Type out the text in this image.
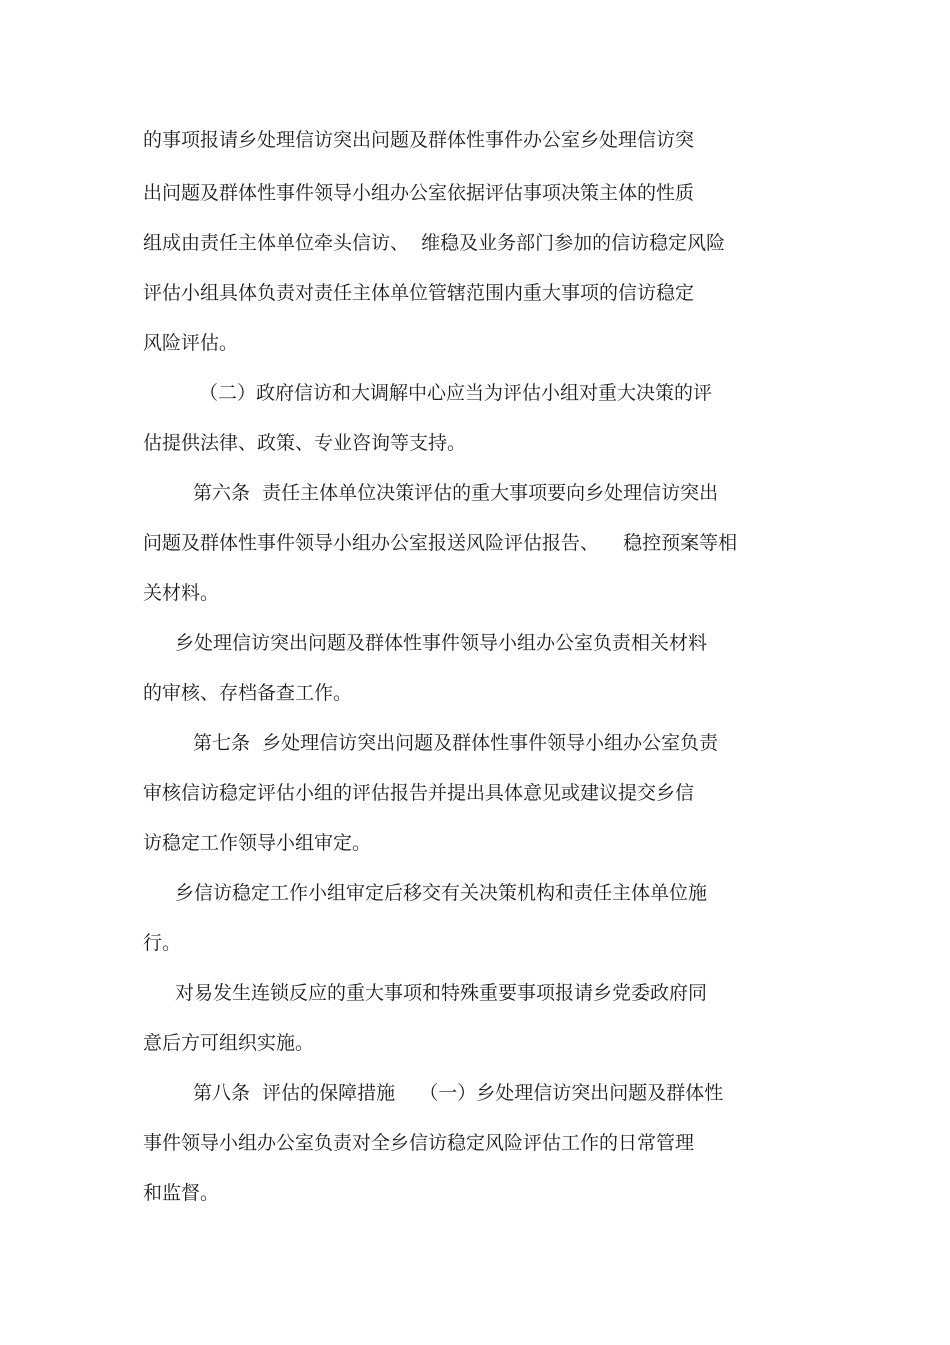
的事项报请乡处理信访突出问题及群体性事件办公室乡处理信访突
出问题及群体性事件领导小组办公室依据评估事项决策主体的性质
组成由责任主体单位牵头信访、  维稳及业务部门参加的信访稳定风险
评估小组具体负责对责任主体单位管辖范围内重大事项的信访稳定
风险评估。
（二）政府信访和大调解中心应当为评估小组对重大决策的评
估提供法律、政策、专业咨询等支持。
第六条  责任主体单位决策评估的重大事项要向乡处理信访突出
问题及群体性事件领导小组办公室报送风险评估报告、    稳控预案等相
关材料。
乡处理信访突出问题及群体性事件领导小组办公室负责相关材料
的审核、存档备查工作。
第七条  乡处理信访突出问题及群体性事件领导小组办公室负责
审核信访稳定评估小组的评估报告并提出具体意见或建议提交乡信
访稳定工作领导小组审定。
乡信访稳定工作小组审定后移交有关决策机构和责任主体单位施
行。
对易发生连锁反应的重大事项和特殊重要事项报请乡党委政府同
意后方可组织实施。
第八条  评估的保障措施    （一）乡处理信访突出问题及群体性
事件领导小组办公室负责对全乡信访稳定风险评估工作的日常管理
和监督。
